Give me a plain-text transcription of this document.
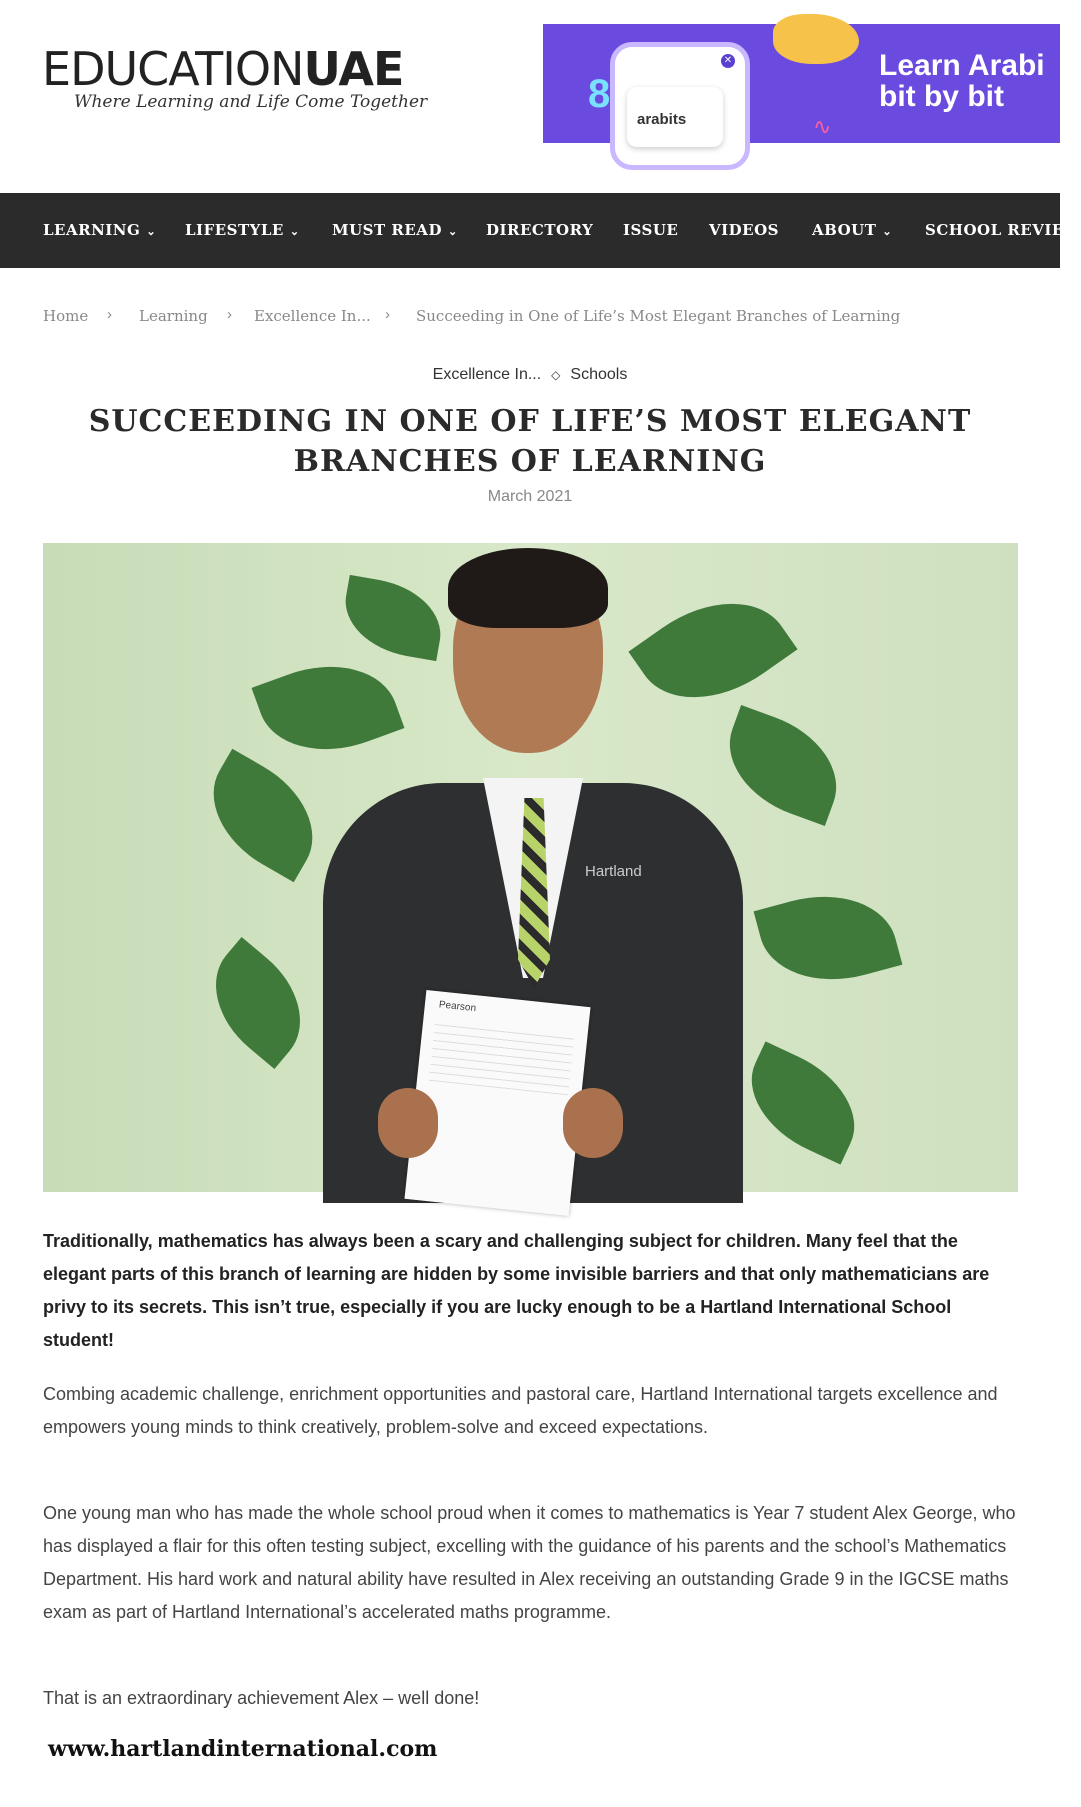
EDUCATIONUAE
Where Learning and Life Come Together	8
arabits
✕
∿
Learn Arabi
bit by bit
LEARNING ⌄ LIFESTYLE ⌄ MUST READ ⌄ DIRECTORY ISSUE VIDEOS ABOUT ⌄ SCHOOL REVIEW
Home › Learning › Excellence In... › Succeeding in One of Life’s Most Elegant Branches of Learning
Excellence In... ◇ Schools
SUCCEEDING IN ONE OF LIFE’S MOST ELEGANT BRANCHES OF LEARNING
March 2021
Hartland
Pearson
Traditionally, mathematics has always been a scary and challenging subject for children. Many feel that the elegant parts of this branch of learning are hidden by some invisible barriers and that only mathematicians are privy to its secrets. This isn’t true, especially if you are lucky enough to be a Hartland International School student!
Combing academic challenge, enrichment opportunities and pastoral care, Hartland International targets excellence and empowers young minds to think creatively, problem-solve and exceed expectations.
One young man who has made the whole school proud when it comes to mathematics is Year 7 student Alex George, who has displayed a flair for this often testing subject, excelling with the guidance of his parents and the school’s Mathematics Department. His hard work and natural ability have resulted in Alex receiving an outstanding Grade 9 in the IGCSE maths exam as part of Hartland International’s accelerated maths programme.
That is an extraordinary achievement Alex – well done!
www.hartlandinternational.com
